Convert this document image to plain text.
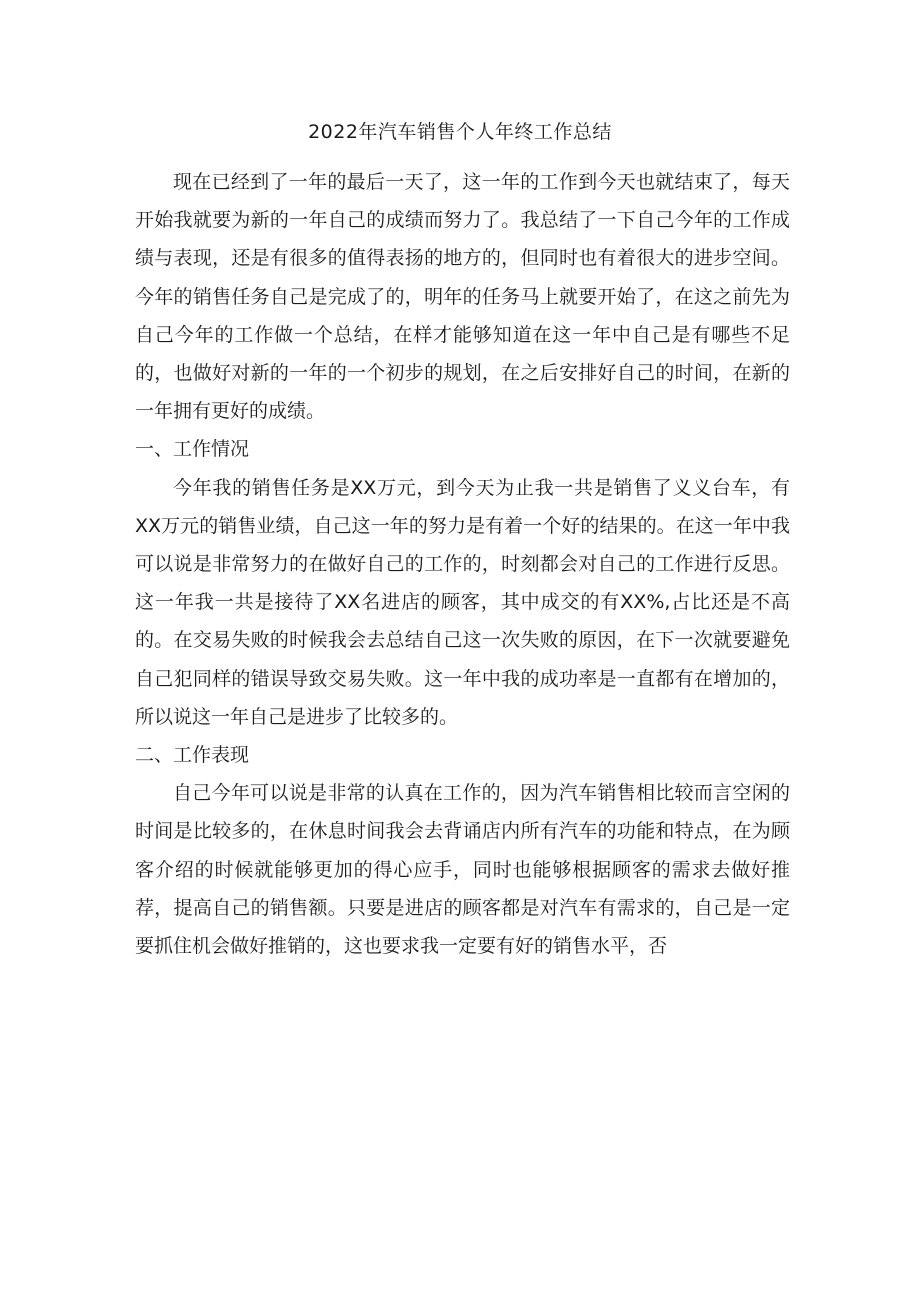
2022年汽车销售个人年终工作总结

现在已经到了一年的最后一天了，这一年的工作到今天也就结束了，每天开始我就要为新的一年自己的成绩而努力了。我总结了一下自己今年的工作成绩与表现，还是有很多的值得表扬的地方的，但同时也有着很大的进步空间。今年的销售任务自己是完成了的，明年的任务马上就要开始了，在这之前先为自己今年的工作做一个总结，在样才能够知道在这一年中自己是有哪些不足的，也做好对新的一年的一个初步的规划，在之后安排好自己的时间，在新的一年拥有更好的成绩。

一、工作情况

今年我的销售任务是XX万元，到今天为止我一共是销售了义义台车，有XX万元的销售业绩，自己这一年的努力是有着一个好的结果的。在这一年中我可以说是非常努力的在做好自己的工作的，时刻都会对自己的工作进行反思。这一年我一共是接待了XX名进店的顾客，其中成交的有XX%,占比还是不高的。在交易失败的时候我会去总结自己这一次失败的原因，在下一次就要避免自己犯同样的错误导致交易失败。这一年中我的成功率是一直都有在增加的，所以说这一年自己是进步了比较多的。

二、工作表现

自己今年可以说是非常的认真在工作的，因为汽车销售相比较而言空闲的时间是比较多的，在休息时间我会去背诵店内所有汽车的功能和特点，在为顾客介绍的时候就能够更加的得心应手，同时也能够根据顾客的需求去做好推荐，提高自己的销售额。只要是进店的顾客都是对汽车有需求的，自己是一定要抓住机会做好推销的，这也要求我一定要有好的销售水平，否
